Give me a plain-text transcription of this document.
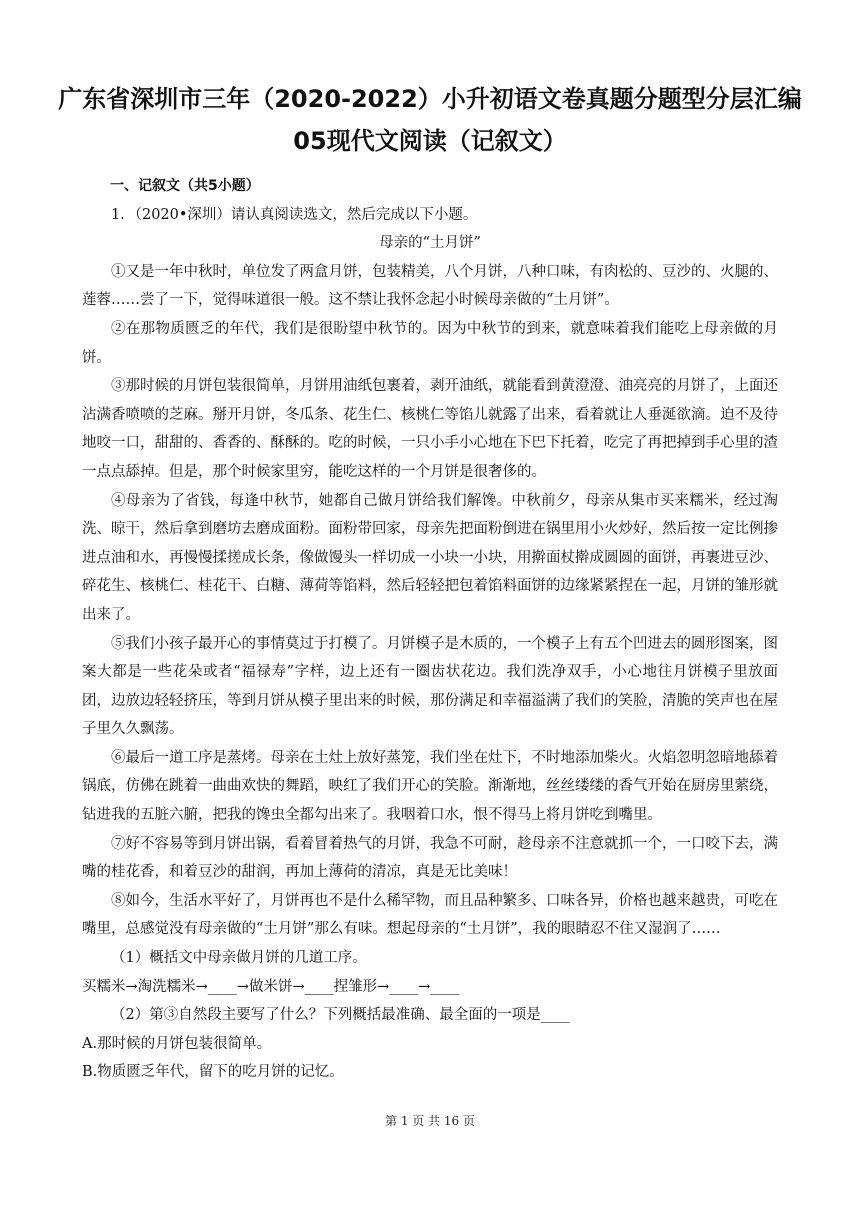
广东省深圳市三年（2020-2022）小升初语文卷真题分题型分层汇编
05现代文阅读（记叙文）

一、记叙文（共5小题）

1．（2020•深圳）请认真阅读选文，然后完成以下小题。

母亲的“土月饼”

①又是一年中秋时，单位发了两盒月饼，包装精美，八个月饼，八种口味，有肉松的、豆沙的、火腿的、莲蓉……尝了一下，觉得味道很一般。这不禁让我怀念起小时候母亲做的“土月饼”。

②在那物质匮乏的年代，我们是很盼望中秋节的。因为中秋节的到来，就意味着我们能吃上母亲做的月饼。

③那时候的月饼包装很简单，月饼用油纸包裹着，剥开油纸，就能看到黄澄澄、油亮亮的月饼了，上面还沾满香喷喷的芝麻。掰开月饼，冬瓜条、花生仁、核桃仁等馅儿就露了出来，看着就让人垂涎欲滴。迫不及待地咬一口，甜甜的、香香的、酥酥的。吃的时候，一只小手小心地在下巴下托着，吃完了再把掉到手心里的渣一点点舔掉。但是，那个时候家里穷，能吃这样的一个月饼是很奢侈的。

④母亲为了省钱，每逢中秋节，她都自己做月饼给我们解馋。中秋前夕，母亲从集市买来糯米，经过淘洗、晾干，然后拿到磨坊去磨成面粉。面粉带回家，母亲先把面粉倒进在锅里用小火炒好，然后按一定比例掺进点油和水，再慢慢揉搓成长条，像做馒头一样切成一小块一小块，用擀面杖擀成圆圆的面饼，再裹进豆沙、碎花生、核桃仁、桂花干、白糖、薄荷等馅料，然后轻轻把包着馅料面饼的边缘紧紧捏在一起，月饼的雏形就出来了。

⑤我们小孩子最开心的事情莫过于打模了。月饼模子是木质的，一个模子上有五个凹进去的圆形图案，图案大都是一些花朵或者“福禄寿”字样，边上还有一圈齿状花边。我们洗净双手，小心地往月饼模子里放面团，边放边轻轻挤压，等到月饼从模子里出来的时候，那份满足和幸福溢满了我们的笑脸，清脆的笑声也在屋子里久久飘荡。

⑥最后一道工序是蒸烤。母亲在土灶上放好蒸笼，我们坐在灶下，不时地添加柴火。火焰忽明忽暗地舔着锅底，仿佛在跳着一曲曲欢快的舞蹈，映红了我们开心的笑脸。渐渐地，丝丝缕缕的香气开始在厨房里萦绕，钻进我的五脏六腑，把我的馋虫全都勾出来了。我咽着口水，恨不得马上将月饼吃到嘴里。

⑦好不容易等到月饼出锅，看着冒着热气的月饼，我急不可耐，趁母亲不注意就抓一个，一口咬下去，满嘴的桂花香，和着豆沙的甜润，再加上薄荷的清凉，真是无比美味！

⑧如今，生活水平好了，月饼再也不是什么稀罕物，而且品种繁多、口味各异，价格也越来越贵，可吃在嘴里，总感觉没有母亲做的“土月饼”那么有味。想起母亲的“土月饼”，我的眼睛忍不住又湿润了……

（1）概括文中母亲做月饼的几道工序。

买糯米→淘洗糯米→____→做米饼→____捏雏形→____→____

（2）第③自然段主要写了什么？下列概括最准确、最全面的一项是____

A.那时候的月饼包装很简单。

B.物质匮乏年代，留下的吃月饼的记忆。

第 1 页 共 16 页
